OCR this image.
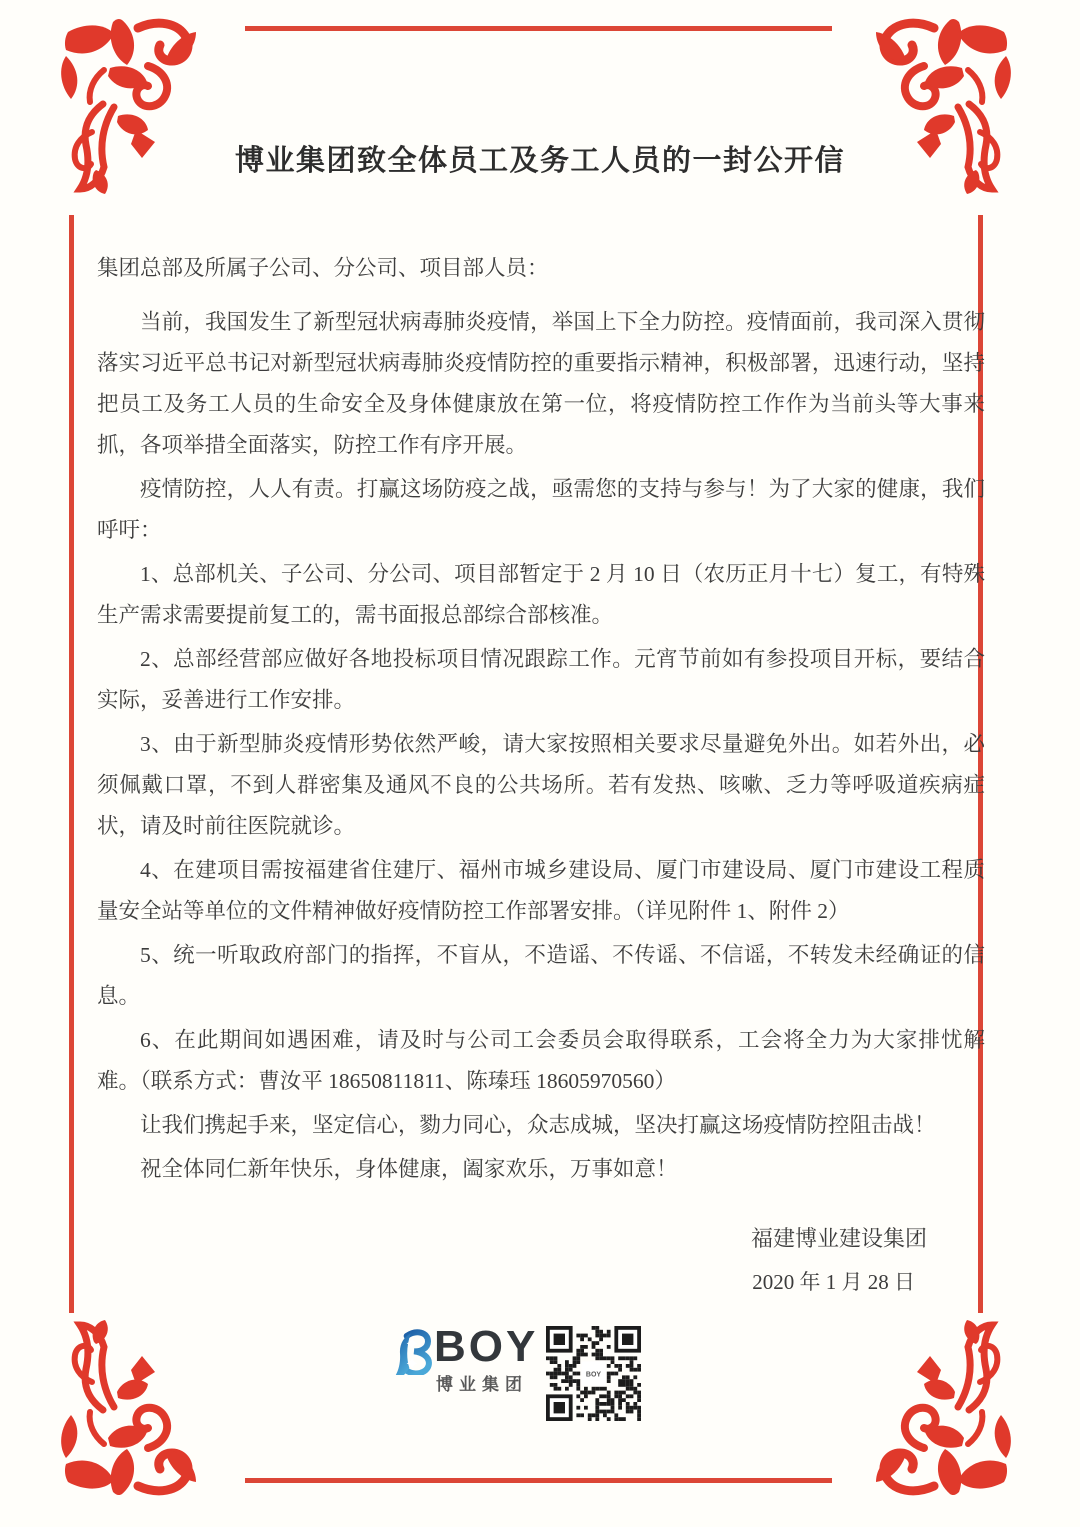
博业集团致全体员工及务工人员的一封公开信

集团总部及所属子公司、分公司、项目部人员：

当前，我国发生了新型冠状病毒肺炎疫情，举国上下全力防控。疫情面前，我司深入贯彻落实习近平总书记对新型冠状病毒肺炎疫情防控的重要指示精神，积极部署，迅速行动，坚持把员工及务工人员的生命安全及身体健康放在第一位，将疫情防控工作作为当前头等大事来抓，各项举措全面落实，防控工作有序开展。

疫情防控，人人有责。打赢这场防疫之战，亟需您的支持与参与！为了大家的健康，我们呼吁：

1、总部机关、子公司、分公司、项目部暂定于 2 月 10 日（农历正月十七）复工，有特殊生产需求需要提前复工的，需书面报总部综合部核准。

2、总部经营部应做好各地投标项目情况跟踪工作。元宵节前如有参投项目开标，要结合实际，妥善进行工作安排。

3、由于新型肺炎疫情形势依然严峻，请大家按照相关要求尽量避免外出。如若外出，必须佩戴口罩，不到人群密集及通风不良的公共场所。若有发热、咳嗽、乏力等呼吸道疾病症状，请及时前往医院就诊。

4、在建项目需按福建省住建厅、福州市城乡建设局、厦门市建设局、厦门市建设工程质量安全站等单位的文件精神做好疫情防控工作部署安排。（详见附件 1、附件 2）

5、统一听取政府部门的指挥，不盲从，不造谣、不传谣、不信谣，不转发未经确证的信息。

6、在此期间如遇困难，请及时与公司工会委员会取得联系，工会将全力为大家排忧解难。（联系方式：曹汝平 18650811811、陈瑧珏 18605970560）

让我们携起手来，坚定信心，勠力同心，众志成城，坚决打赢这场疫情防控阻击战！

祝全体同仁新年快乐，身体健康，阖家欢乐，万事如意！

福建博业建设集团
2020 年 1 月 28 日
BOY
博业集团	BOY
